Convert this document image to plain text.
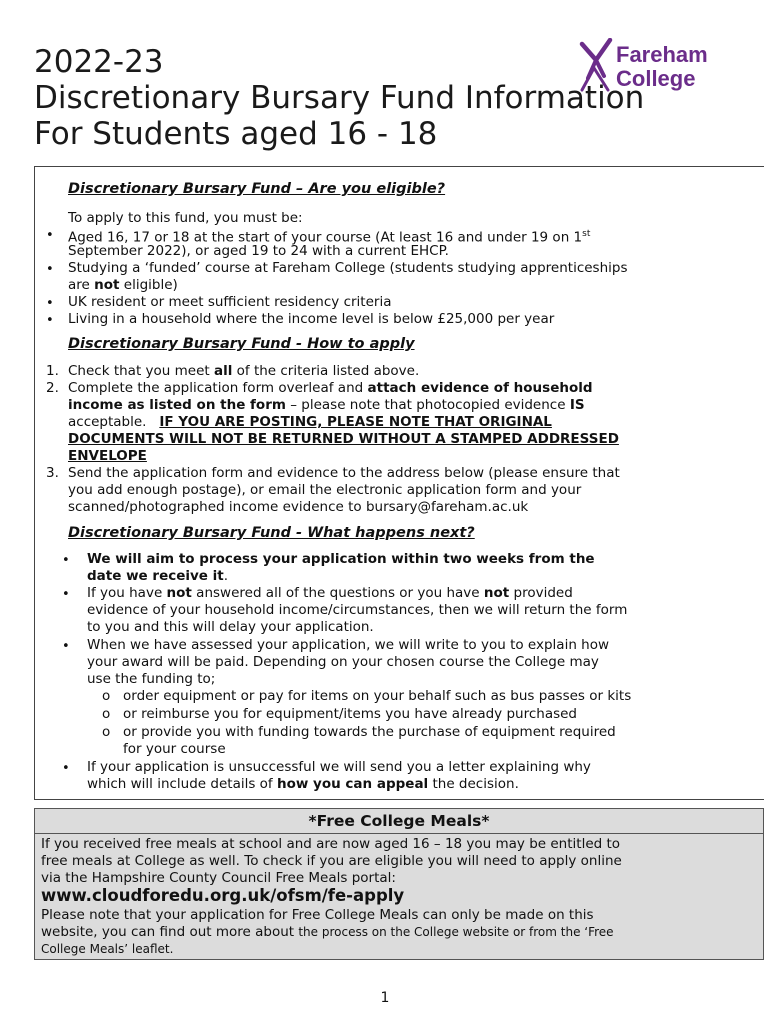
2022-23
Discretionary Bursary Fund Information
For Students aged 16 - 18
Fareham
College
Discretionary Bursary Fund – Are you eligible?
To apply to this fund, you must be:
• Aged 16, 17 or 18 at the start of your course (At least 16 and under 19 on 1st
September 2022), or aged 19 to 24 with a current EHCP.
• Studying a ‘funded’ course at Fareham College (students studying apprenticeships
are not eligible)
• UK resident or meet sufficient residency criteria
• Living in a household where the income level is below £25,000 per year
Discretionary Bursary Fund - How to apply
1. Check that you meet all of the criteria listed above.
2. Complete the application form overleaf and attach evidence of household
income as listed on the form – please note that photocopied evidence IS
acceptable.   IF YOU ARE POSTING, PLEASE NOTE THAT ORIGINAL
DOCUMENTS WILL NOT BE RETURNED WITHOUT A STAMPED ADDRESSED
ENVELOPE
3. Send the application form and evidence to the address below (please ensure that
you add enough postage), or email the electronic application form and your
scanned/photographed income evidence to bursary@fareham.ac.uk
Discretionary Bursary Fund - What happens next?
• We will aim to process your application within two weeks from the
date we receive it.
• If you have not answered all of the questions or you have not provided
evidence of your household income/circumstances, then we will return the form
to you and this will delay your application.
• When we have assessed your application, we will write to you to explain how
your award will be paid. Depending on your chosen course the College may
use the funding to;
o order equipment or pay for items on your behalf such as bus passes or kits
o or reimburse you for equipment/items you have already purchased
o or provide you with funding towards the purchase of equipment required
for your course
• If your application is unsuccessful we will send you a letter explaining why
which will include details of how you can appeal the decision.
*Free College Meals*
If you received free meals at school and are now aged 16 – 18 you may be entitled to
free meals at College as well. To check if you are eligible you will need to apply online
via the Hampshire County Council Free Meals portal:
www.cloudforedu.org.uk/ofsm/fe-apply
Please note that your application for Free College Meals can only be made on this
website, you can find out more about the process on the College website or from the ‘Free
College Meals’ leaflet.
1
